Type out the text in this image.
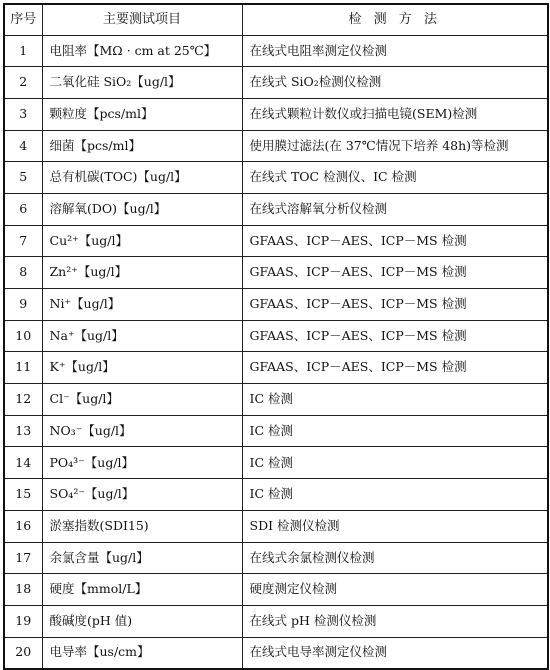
序号	主要测试项目	检 测 方 法
1	电阻率【MΩ · cm at 25℃】	在线式电阻率测定仪检测
2	二氧化硅 SiO₂【ug/l】	在线式 SiO₂检测仪检测
3	颗粒度【pcs/ml】	在线式颗粒计数仪或扫描电镜(SEM)检测
4	细菌【pcs/ml】	使用膜过滤法(在 37℃情况下培养 48h)等检测
5	总有机碳(TOC)【ug/l】	在线式 TOC 检测仪、IC 检测
6	溶解氧(DO)【ug/l】	在线式溶解氧分析仪检测
7	Cu²⁺【ug/l】	GFAAS、ICP－AES、ICP－MS 检测
8	Zn²⁺【ug/l】	GFAAS、ICP－AES、ICP－MS 检测
9	Ni⁺【ug/l】	GFAAS、ICP－AES、ICP－MS 检测
10	Na⁺【ug/l】	GFAAS、ICP－AES、ICP－MS 检测
11	K⁺【ug/l】	GFAAS、ICP－AES、ICP－MS 检测
12	Cl⁻【ug/l】	IC 检测
13	NO₃⁻【ug/l】	IC 检测
14	PO₄³⁻【ug/l】	IC 检测
15	SO₄²⁻【ug/l】	IC 检测
16	淤塞指数(SDI15)	SDI 检测仪检测
17	余氯含量【ug/l】	在线式余氯检测仪检测
18	硬度【mmol/L】	硬度测定仪检测
19	酸碱度(pH 值)	在线式 pH 检测仪检测
20	电导率【us/cm】	在线式电导率测定仪检测
